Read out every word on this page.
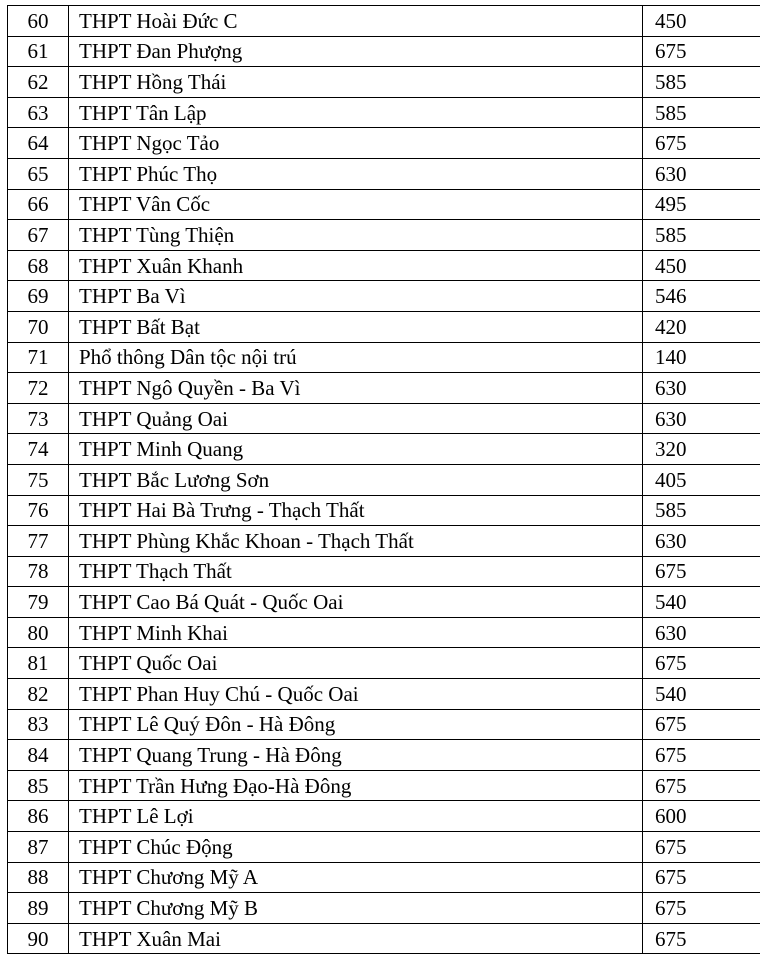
60	THPT Hoài Đức C	450
61	THPT Đan Phượng	675
62	THPT Hồng Thái	585
63	THPT Tân Lập	585
64	THPT Ngọc Tảo	675
65	THPT Phúc Thọ	630
66	THPT Vân Cốc	495
67	THPT Tùng Thiện	585
68	THPT Xuân Khanh	450
69	THPT Ba Vì	546
70	THPT Bất Bạt	420
71	Phổ thông Dân tộc nội trú	140
72	THPT Ngô Quyền - Ba Vì	630
73	THPT Quảng Oai	630
74	THPT Minh Quang	320
75	THPT Bắc Lương Sơn	405
76	THPT Hai Bà Trưng - Thạch Thất	585
77	THPT Phùng Khắc Khoan - Thạch Thất	630
78	THPT Thạch Thất	675
79	THPT Cao Bá Quát - Quốc Oai	540
80	THPT Minh Khai	630
81	THPT Quốc Oai	675
82	THPT Phan Huy Chú - Quốc Oai	540
83	THPT Lê Quý Đôn - Hà Đông	675
84	THPT Quang Trung - Hà Đông	675
85	THPT Trần Hưng Đạo-Hà Đông	675
86	THPT Lê Lợi	600
87	THPT Chúc Động	675
88	THPT Chương Mỹ A	675
89	THPT Chương Mỹ B	675
90	THPT Xuân Mai	675
